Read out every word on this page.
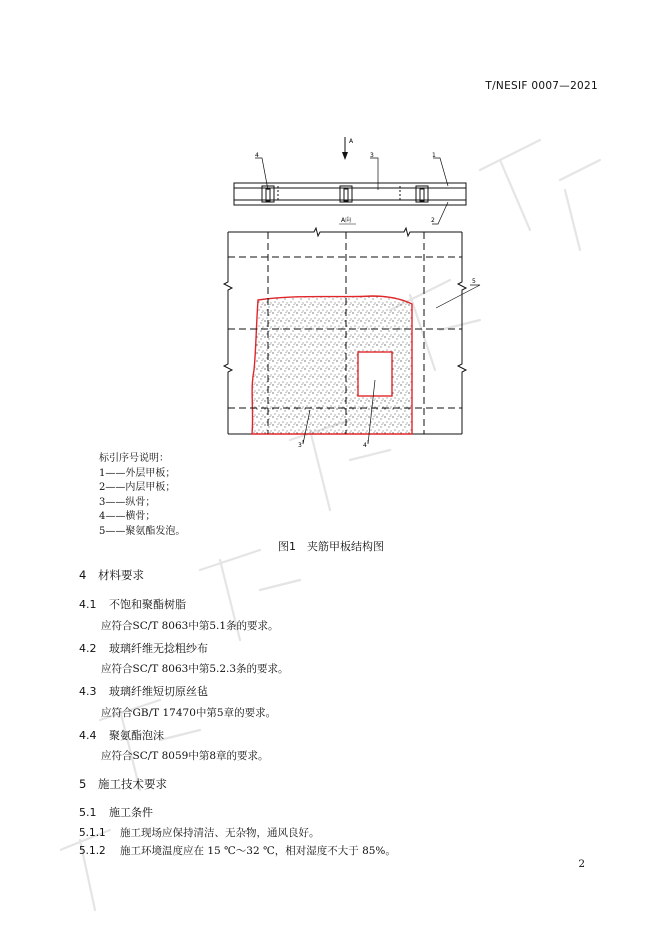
T/NESIF 0007—2021
A
4	3	1
2
A向
5
3	4
标引序号说明：
1——外层甲板；
2——内层甲板；
3——纵骨；
4——横骨；
5——聚氨酯发泡。
图1　夹筋甲板结构图
4 材料要求
4.1 不饱和聚酯树脂
应符合SC/T 8063中第5.1条的要求。
4.2 玻璃纤维无捻粗纱布
应符合SC/T 8063中第5.2.3条的要求。
4.3 玻璃纤维短切原丝毡
应符合GB/T 17470中第5章的要求。
4.4 聚氨酯泡沫
应符合SC/T 8059中第8章的要求。
5 施工技术要求
5.1 施工条件
5.1.1 施工现场应保持清洁、无杂物，通风良好。
5.1.2 施工环境温度应在 15 ℃～32 ℃，相对湿度不大于 85%。
2
